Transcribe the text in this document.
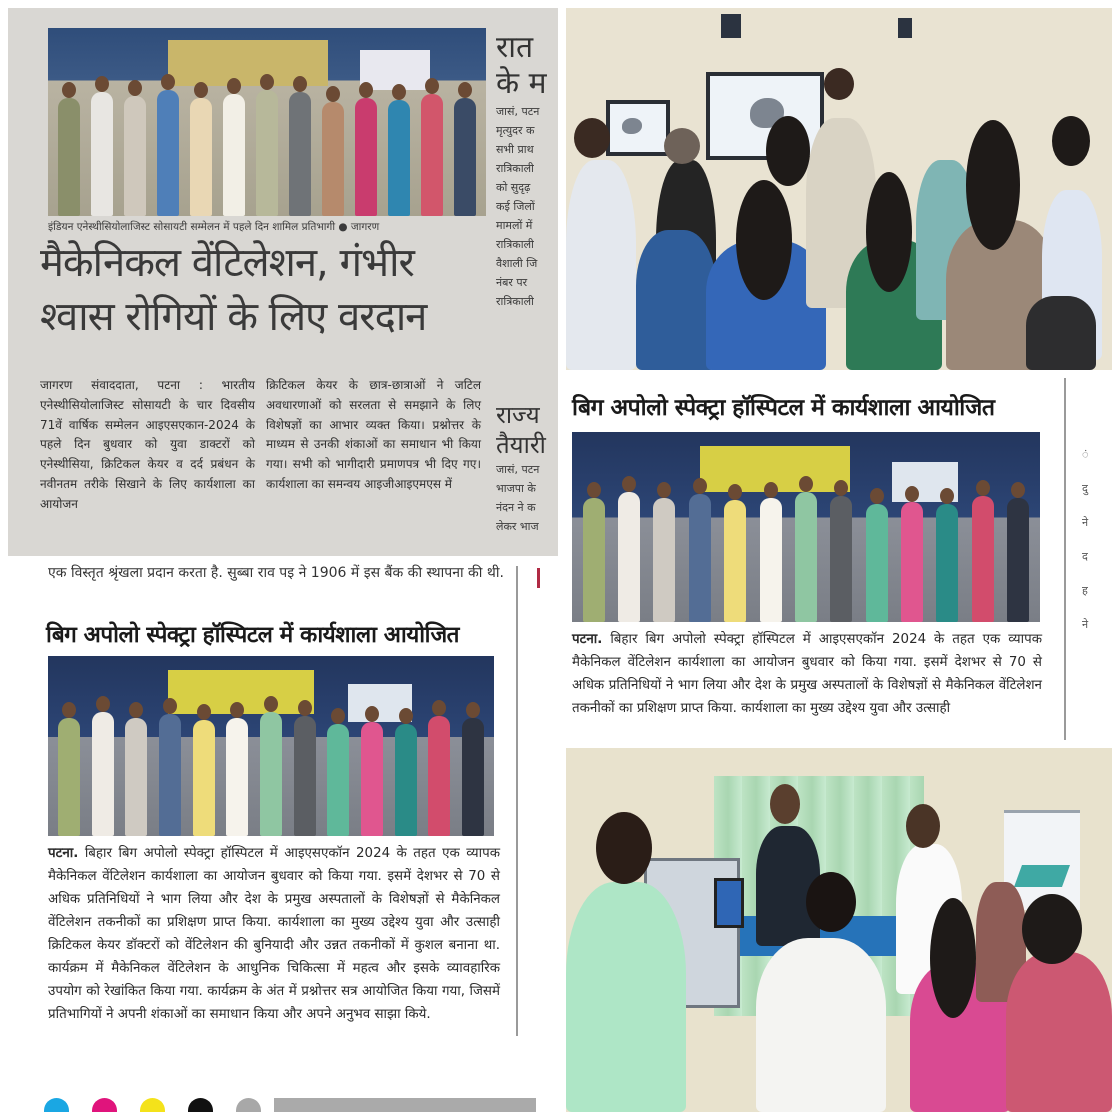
इंडियन एनेस्थीसियोलाजिस्ट सोसायटी सम्मेलन में पहले दिन शामिल प्रतिभागी ● जागरण
मैकेनिकल वेंटिलेशन, गंभीर
श्वास रोगियों के लिए वरदान
जागरण संवाददाता, पटना : भारतीय एनेस्थीसियोलाजिस्ट सोसायटी के चार दिवसीय 71वें वार्षिक सम्मेलन आइएसएकान-2024 के पहले दिन बुधवार को युवा डाक्टरों को एनेस्थीसिया, क्रिटिकल केयर व दर्द प्रबंधन के नवीनतम तरीके सिखाने के लिए कार्यशाला का आयोजन
क्रिटिकल केयर के छात्र-छात्राओं ने जटिल अवधारणाओं को सरलता से समझाने के लिए विशेषज्ञों का आभार व्यक्त किया। प्रश्नोत्तर के माध्यम से उनकी शंकाओं का समाधान भी किया गया। सभी को भागीदारी प्रमाणपत्र भी दिए गए। कार्यशाला का समन्वय आइजीआइएमएस में
रात
के म
जासं, पटन
मृत्युदर क
सभी प्राथ
रात्रिकाली
को सुदृढ़
कई जिलों
मामलों में
रात्रिकाली
वैशाली जि
नंबर पर
रात्रिकाली
राज्य
तैयारी
जासं, पटन
भाजपा के
नंदन ने क
लेकर भाज
बिग अपोलो स्पेक्ट्रा हॉस्पिटल में कार्यशाला आयोजित
पटना. बिहार बिग अपोलो स्पेक्ट्रा हॉस्पिटल में आइएसएकॉन 2024 के तहत एक व्यापक मैकेनिकल वेंटिलेशन कार्यशाला का आयोजन बुधवार को किया गया. इसमें देशभर से 70 से अधिक प्रतिनिधियों ने भाग लिया और देश के प्रमुख अस्पतालों के विशेषज्ञों से मैकेनिकल वेंटिलेशन तकनीकों का प्रशिक्षण प्राप्त किया. कार्यशाला का मुख्य उद्देश्य युवा और उत्साही
ं
दु
ने
द
ह
ने
एक विस्तृत श्रृंखला प्रदान करता है. सुब्बा राव पइ ने 1906 में इस बैंक की स्थापना की थी.
बिग अपोलो स्पेक्ट्रा हॉस्पिटल में कार्यशाला आयोजित
पटना. बिहार बिग अपोलो स्पेक्ट्रा हॉस्पिटल में आइएसएकॉन 2024 के तहत एक व्यापक मैकेनिकल वेंटिलेशन कार्यशाला का आयोजन बुधवार को किया गया. इसमें देशभर से 70 से अधिक प्रतिनिधियों ने भाग लिया और देश के प्रमुख अस्पतालों के विशेषज्ञों से मैकेनिकल वेंटिलेशन तकनीकों का प्रशिक्षण प्राप्त किया. कार्यशाला का मुख्य उद्देश्य युवा और उत्साही क्रिटिकल केयर डॉक्टरों को वेंटिलेशन की बुनियादी और उन्नत तकनीकों में कुशल बनाना था. कार्यक्रम में मैकेनिकल वेंटिलेशन के आधुनिक चिकित्सा में महत्व और इसके व्यावहारिक उपयोग को रेखांकित किया गया. कार्यक्रम के अंत में प्रश्नोत्तर सत्र आयोजित किया गया, जिसमें प्रतिभागियों ने अपनी शंकाओं का समाधान किया और अपने अनुभव साझा किये.
